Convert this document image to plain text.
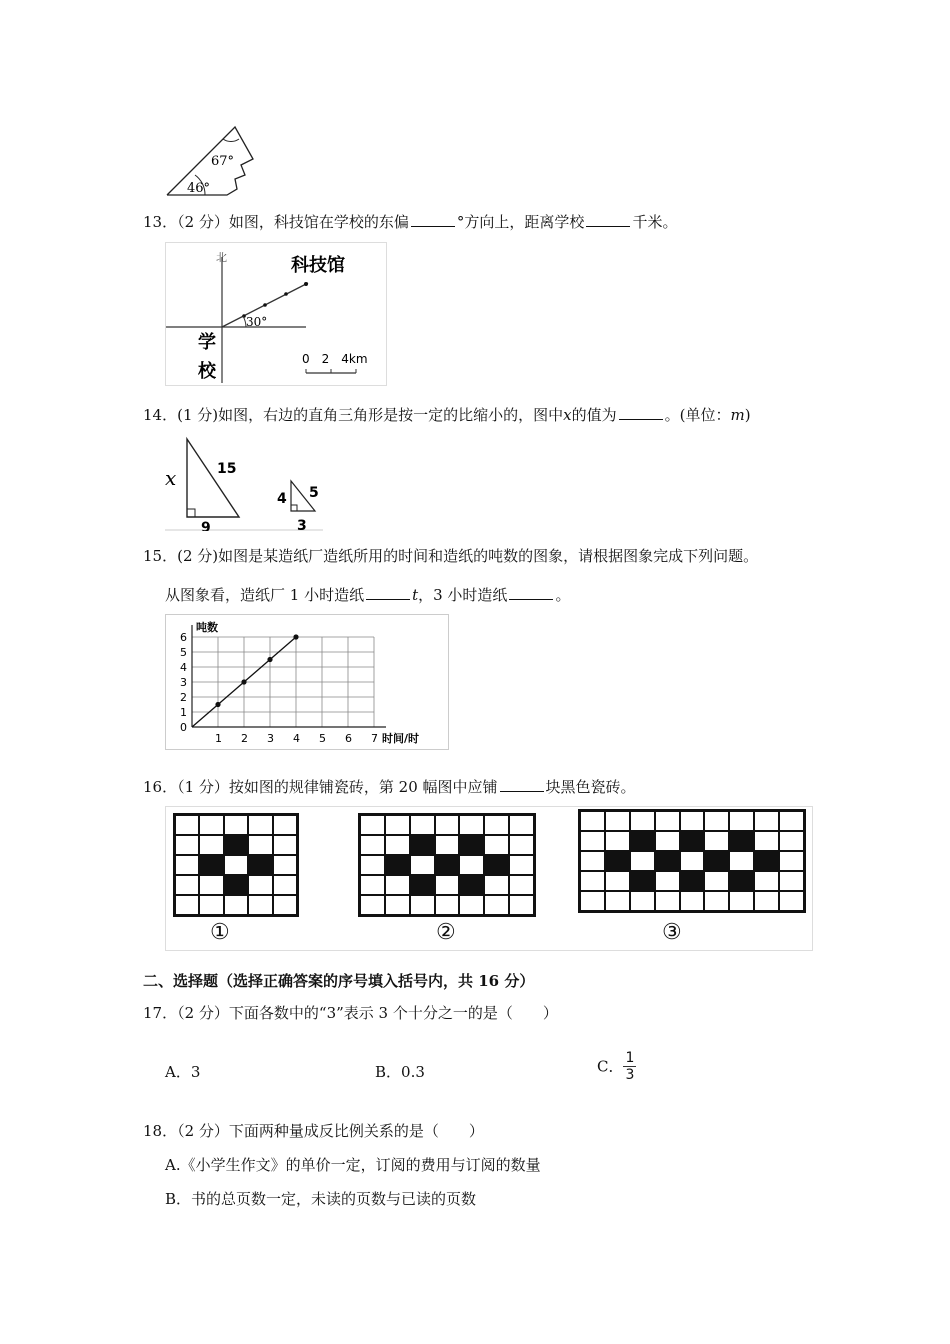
67°
46°
13．（2 分）如图，科技馆在学校的东偏	°方向上，距离学校	千米。
北	科技馆
学
校
30°
0　2　4km
14．(1 分)如图，右边的直角三角形是按一定的比缩小的，图中x的值为	。(单位：m)
x	15
9
4 5
3
15．(2 分)如图是某造纸厂造纸所用的时间和造纸的吨数的图象，请根据图象完成下列问题。
从图象看，造纸厂 1 小时造纸	t，3 小时造纸	。
1 2 3 4 5 6 7
0
1
2
3
4
5
6
吨数
时间/时
16．（1 分）按如图的规律铺瓷砖，第 20 幅图中应铺	块黑色瓷砖。
①	②	③
二、选择题（选择正确答案的序号填入括号内，共 16 分）
17．（2 分）下面各数中的“3”表示 3 个十分之一的是（　　）
A．3	B．0.3	C． $\frac{1}{3}$
18．（2 分）下面两种量成反比例关系的是（　　）
A.《小学生作文》的单价一定，订阅的费用与订阅的数量
B．书的总页数一定，未读的页数与已读的页数
